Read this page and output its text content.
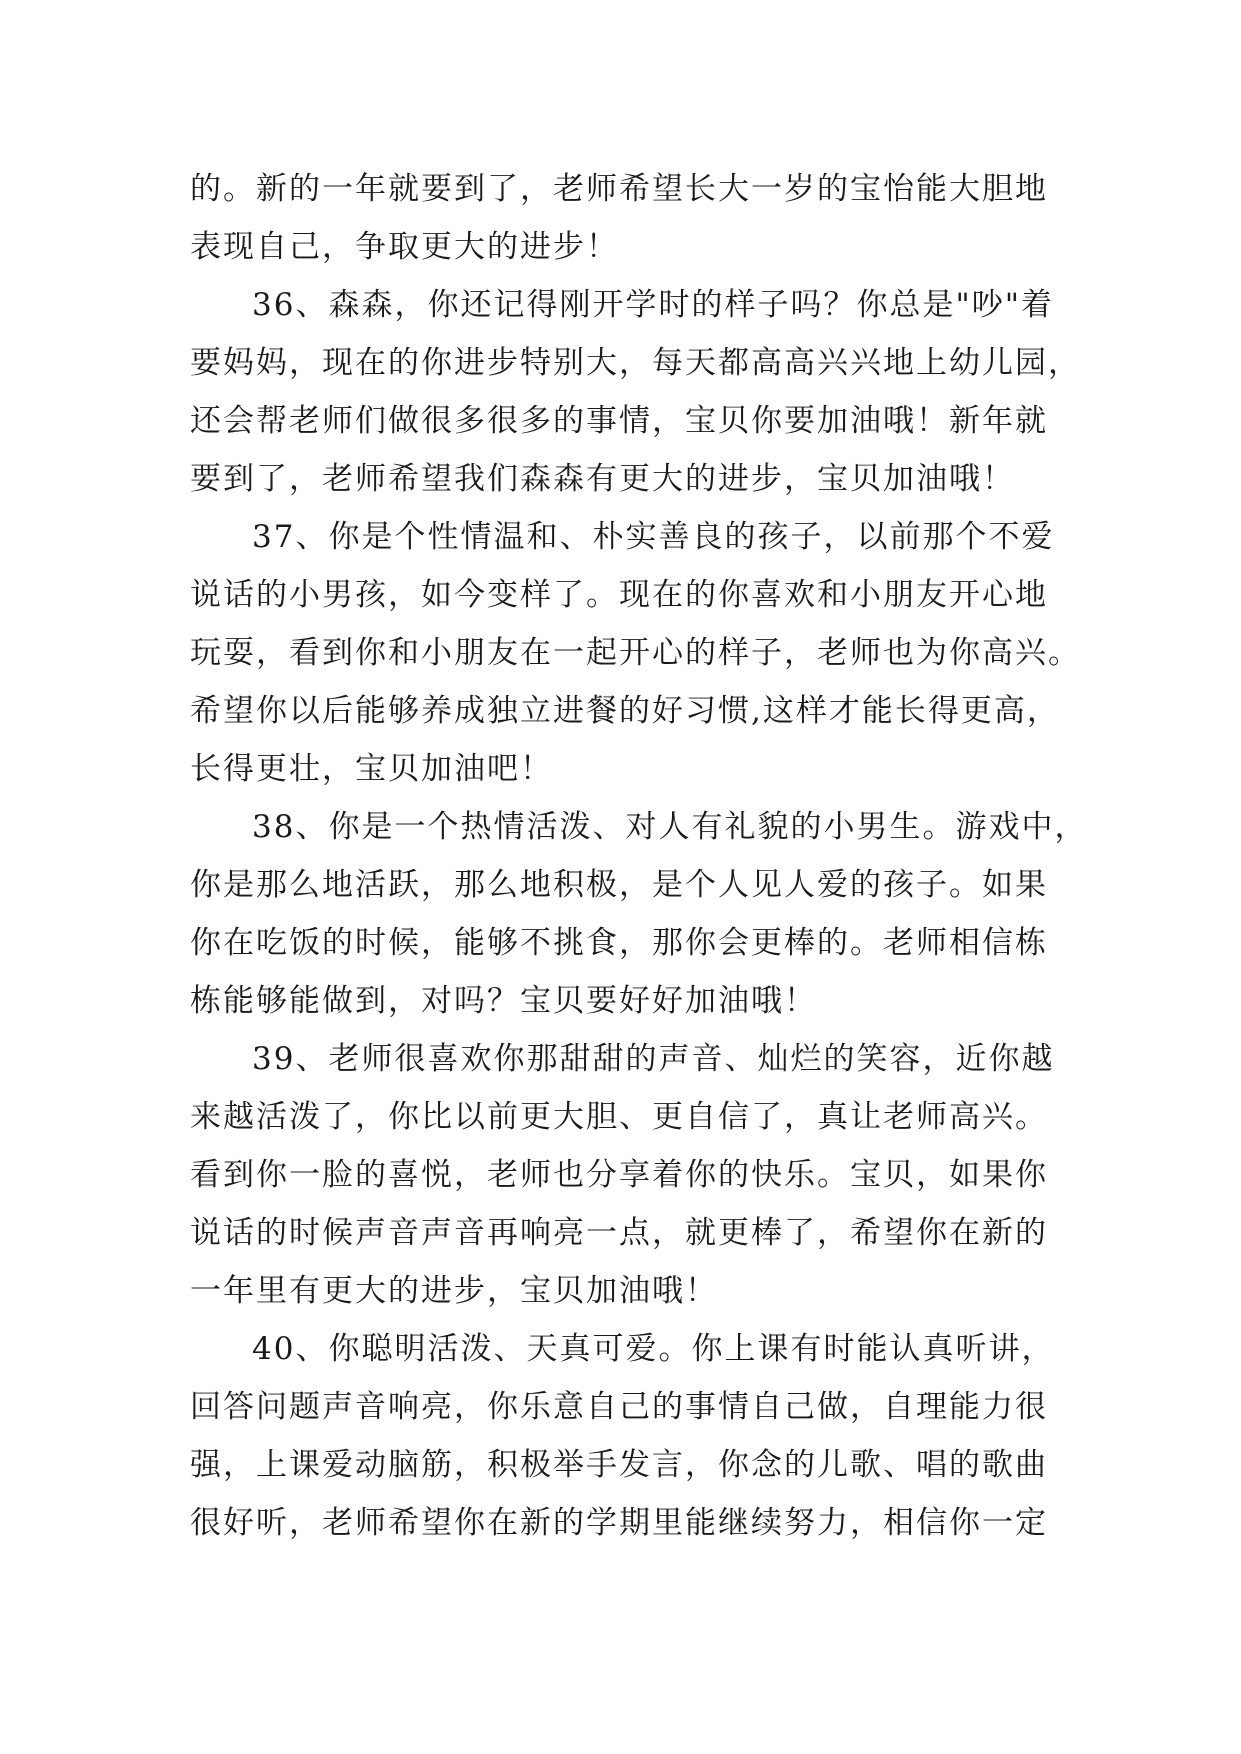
的。新的一年就要到了，老师希望长大一岁的宝怡能大胆地
表现自己，争取更大的进步！
36、森森，你还记得刚开学时的样子吗？你总是"吵"着
要妈妈，现在的你进步特别大，每天都高高兴兴地上幼儿园，
还会帮老师们做很多很多的事情，宝贝你要加油哦！新年就
要到了，老师希望我们森森有更大的进步，宝贝加油哦！
37、你是个性情温和、朴实善良的孩子，以前那个不爱
说话的小男孩，如今变样了。现在的你喜欢和小朋友开心地
玩耍，看到你和小朋友在一起开心的样子，老师也为你高兴。
希望你以后能够养成独立进餐的好习惯,这样才能长得更高，
长得更壮，宝贝加油吧！
38、你是一个热情活泼、对人有礼貌的小男生。游戏中，
你是那么地活跃，那么地积极，是个人见人爱的孩子。如果
你在吃饭的时候，能够不挑食，那你会更棒的。老师相信栋
栋能够能做到，对吗？宝贝要好好加油哦！
39、老师很喜欢你那甜甜的声音、灿烂的笑容，近你越
来越活泼了，你比以前更大胆、更自信了，真让老师高兴。
看到你一脸的喜悦，老师也分享着你的快乐。宝贝，如果你
说话的时候声音声音再响亮一点，就更棒了，希望你在新的
一年里有更大的进步，宝贝加油哦！
40、你聪明活泼、天真可爱。你上课有时能认真听讲，
回答问题声音响亮，你乐意自己的事情自己做，自理能力很
强，上课爱动脑筋，积极举手发言，你念的儿歌、唱的歌曲
很好听，老师希望你在新的学期里能继续努力，相信你一定
